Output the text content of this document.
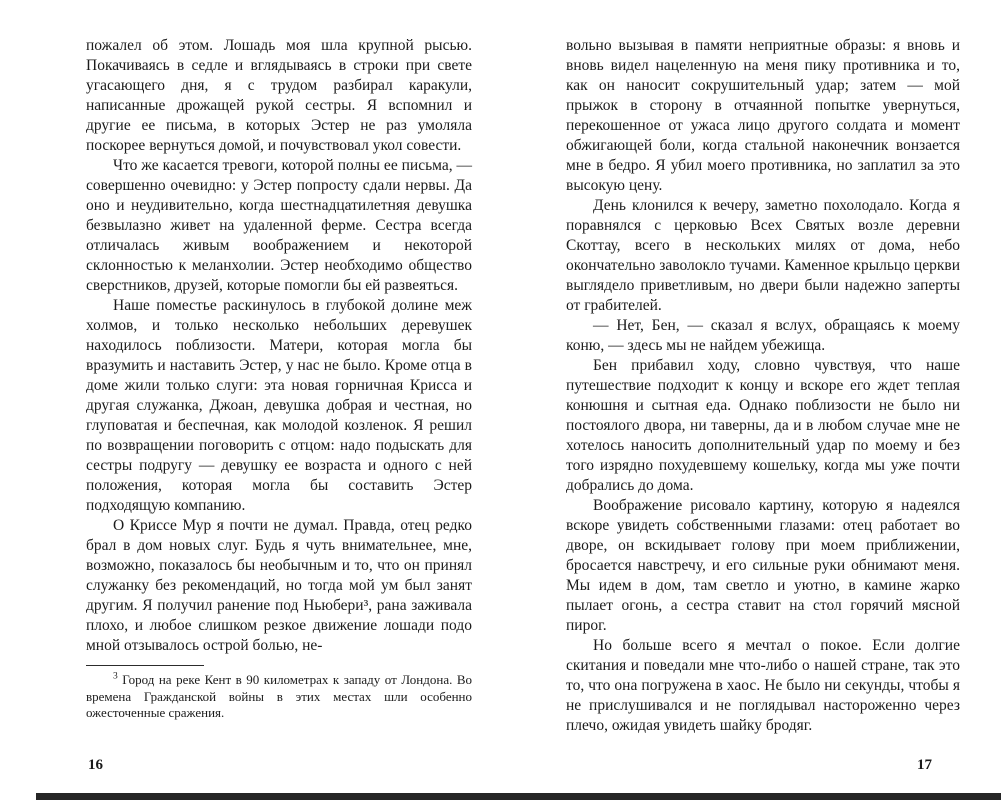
пожалел об этом. Лошадь моя шла крупной рысью. Покачиваясь в седле и вглядываясь в строки при свете угасающего дня, я с трудом разбирал каракули, написанные дрожащей рукой сестры. Я вспомнил и другие ее письма, в которых Эстер не раз умоляла поскорее вернуться домой, и почувствовал укол совести.

Что же касается тревоги, которой полны ее письма, — совершенно очевидно: у Эстер попросту сдали нервы. Да оно и неудивительно, когда шестнадцатилетняя девушка безвылазно живет на удаленной ферме. Сестра всегда отличалась живым воображением и некоторой склонностью к меланхолии. Эстер необходимо общество сверстников, друзей, которые помогли бы ей развеяться.

Наше поместье раскинулось в глубокой долине меж холмов, и только несколько небольших деревушек находилось поблизости. Матери, которая могла бы вразумить и наставить Эстер, у нас не было. Кроме отца в доме жили только слуги: эта новая горничная Крисса и другая служанка, Джоан, девушка добрая и честная, но глуповатая и беспечная, как молодой козленок. Я решил по возвращении поговорить с отцом: надо подыскать для сестры подругу — девушку ее возраста и одного с ней положения, которая могла бы составить Эстер подходящую компанию.

О Криссе Мур я почти не думал. Правда, отец редко брал в дом новых слуг. Будь я чуть внимательнее, мне, возможно, показалось бы необычным и то, что он принял служанку без рекомендаций, но тогда мой ум был занят другим. Я получил ранение под Ньюбери³, рана заживала плохо, и любое слишком резкое движение лошади подо мной отзывалось острой болью, не-

$^3$ Город на реке Кент в 90 километрах к западу от Лондона. Во времена Гражданской войны в этих местах шли особенно ожесточенные сражения.

вольно вызывая в памяти неприятные образы: я вновь и вновь видел нацеленную на меня пику противника и то, как он наносит сокрушительный удар; затем — мой прыжок в сторону в отчаянной попытке увернуться, перекошенное от ужаса лицо другого солдата и момент обжигающей боли, когда стальной наконечник вонзается мне в бедро. Я убил моего противника, но заплатил за это высокую цену.

День клонился к вечеру, заметно похолодало. Когда я поравнялся с церковью Всех Святых возле деревни Скоттау, всего в нескольких милях от дома, небо окончательно заволокло тучами. Каменное крыльцо церкви выглядело приветливым, но двери были надежно заперты от грабителей.

— Нет, Бен, — сказал я вслух, обращаясь к моему коню, — здесь мы не найдем убежища.

Бен прибавил ходу, словно чувствуя, что наше путешествие подходит к концу и вскоре его ждет теплая конюшня и сытная еда. Однако поблизости не было ни постоялого двора, ни таверны, да и в любом случае мне не хотелось наносить дополнительный удар по моему и без того изрядно похудевшему кошельку, когда мы уже почти добрались до дома.

Воображение рисовало картину, которую я надеялся вскоре увидеть собственными глазами: отец работает во дворе, он вскидывает голову при моем приближении, бросается навстречу, и его сильные руки обнимают меня. Мы идем в дом, там светло и уютно, в камине жарко пылает огонь, а сестра ставит на стол горячий мясной пирог.

Но больше всего я мечтал о покое. Если долгие скитания и поведали мне что-либо о нашей стране, так это то, что она погружена в хаос. Не было ни секунды, чтобы я не прислушивался и не поглядывал настороженно через плечо, ожидая увидеть шайку бродяг.

16	17
